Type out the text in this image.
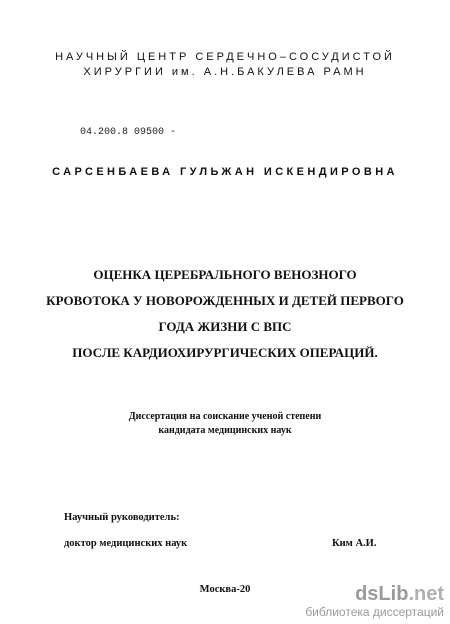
НАУЧНЫЙ ЦЕНТР СЕРДЕЧНО–СОСУДИСТОЙ
ХИРУРГИИ им. А.Н.БАКУЛЕВА РАМН
04.200.8 09500 -
САРСЕНБАЕВА ГУЛЬЖАН ИСКЕНДИРОВНА
ОЦЕНКА ЦЕРЕБРАЛЬНОГО ВЕНОЗНОГО
КРОВОТОКА У НОВОРОЖДЕННЫХ И ДЕТЕЙ ПЕРВОГО
ГОДА ЖИЗНИ С ВПС
ПОСЛЕ КАРДИОХИРУРГИЧЕСКИХ ОПЕРАЦИЙ.
Диссертация на соискание ученой степени
кандидата медицинских наук
Научный руководитель:
доктор медицинских наук	Ким А.И.
Москва-20	dsLib.net
библиотека диссертаций
